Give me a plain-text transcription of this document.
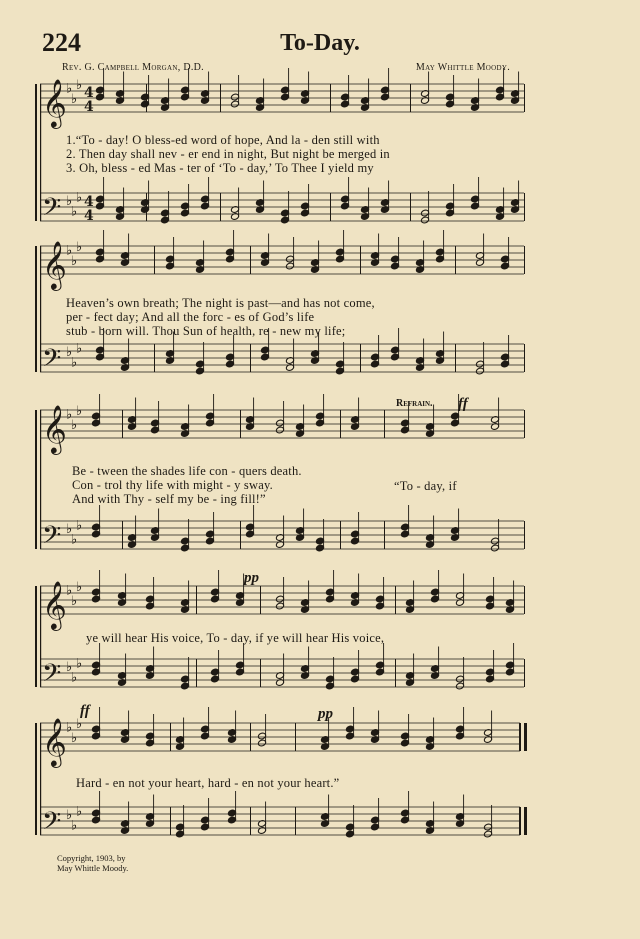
224	To-Day.
Rev. G. Campbell Morgan, D.D.	May Whittle Moody.
𝄞
𝄢
♭
♭
♭
♭
♭
♭
4
4
4
4
𝄞
𝄢
♭
♭
♭
♭
♭
♭
𝄞
𝄢
♭
♭
♭
♭
♭
♭
𝄞
𝄢
♭
♭
♭
♭
♭
♭
𝄞
𝄢
♭
♭
♭
♭
♭
♭
1.“To - day! O bless-ed word of hope, And la - den still with
2. Then day shall nev - er end in night, But night be merged in
3. Oh, bless - ed Mas - ter of ‘To - day,’ To Thee I yield my
Heaven’s own breath; The night is past—and has not come,
per - fect day; And all the forc - es of God’s life
stub - born will. Thou Sun of health, re - new my life;
Refrain. ff
Be - tween the shades life con - quers death.
Con - trol thy life with might - y sway.
And with Thy - self my be - ing fill!”
“To - day, if
pp
ye will hear His voice, To - day, if ye will hear His voice,
ff	pp
Hard - en not your heart, hard - en not your heart.”
Copyright, 1903, by
May Whittle Moody.
